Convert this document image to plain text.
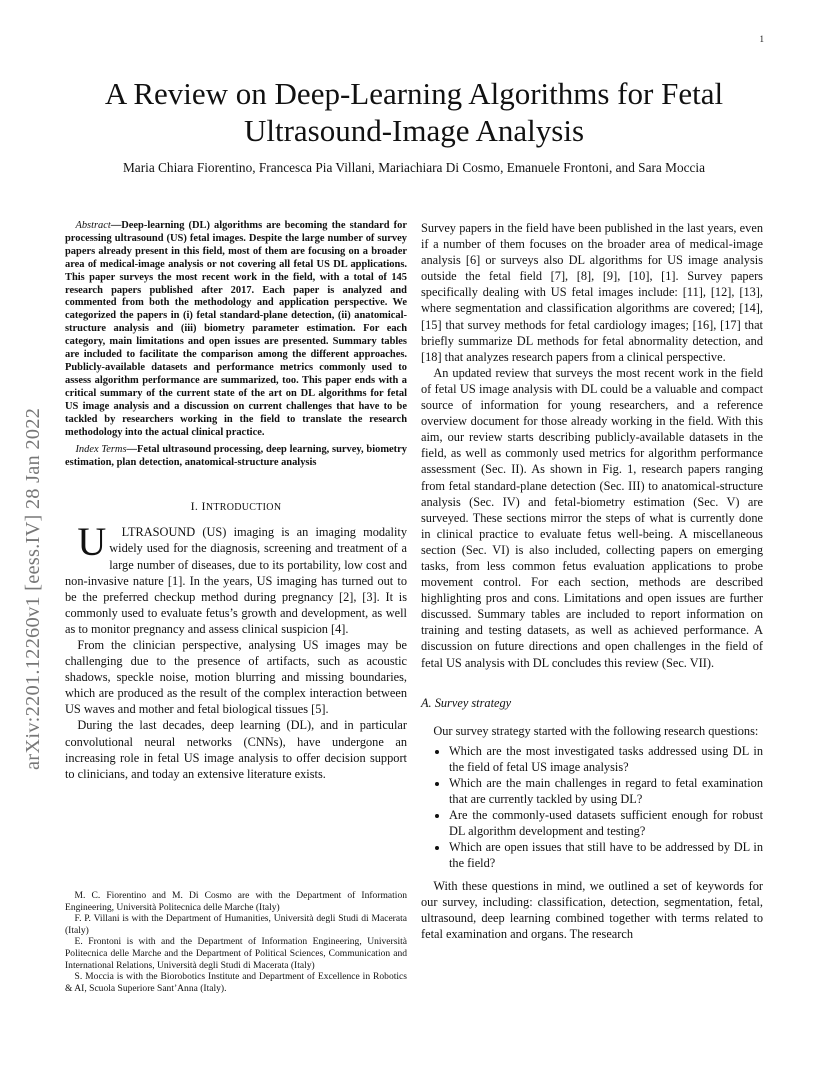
1
arXiv:2201.12260v1 [eess.IV] 28 Jan 2022
A Review on Deep-Learning Algorithms for Fetal
Ultrasound-Image Analysis
Maria Chiara Fiorentino, Francesca Pia Villani, Mariachiara Di Cosmo, Emanuele Frontoni, and Sara Moccia

Abstract—Deep-learning (DL) algorithms are becoming the standard for processing ultrasound (US) fetal images. Despite the large number of survey papers already present in this field, most of them are focusing on a broader area of medical-image analysis or not covering all fetal US DL applications. This paper surveys the most recent work in the field, with a total of 145 research papers published after 2017. Each paper is analyzed and commented from both the methodology and application perspective. We categorized the papers in (i) fetal standard-plane detection, (ii) anatomical-structure analysis and (iii) biometry parameter estimation. For each category, main limitations and open issues are presented. Summary tables are included to facilitate the comparison among the different approaches. Publicly-available datasets and performance metrics commonly used to assess algorithm performance are summarized, too. This paper ends with a critical summary of the current state of the art on DL algorithms for fetal US image analysis and a discussion on current challenges that have to be tackled by researchers working in the field to translate the research methodology into the actual clinical practice.

Index Terms—Fetal ultrasound processing, deep learning, survey, biometry estimation, plan detection, anatomical-structure analysis

I. INTRODUCTION

U LTRASOUND (US) imaging is an imaging modality widely used for the diagnosis, screening and treatment of a large number of diseases, due to its portability, low cost and non-invasive nature [1]. In the years, US imaging has turned out to be the preferred checkup method during pregnancy [2], [3]. It is commonly used to evaluate fetus’s growth and development, as well as to monitor pregnancy and assess clinical suspicion [4].

From the clinician perspective, analysing US images may be challenging due to the presence of artifacts, such as acoustic shadows, speckle noise, motion blurring and missing boundaries, which are produced as the result of the complex interaction between US waves and mother and fetal biological tissues [5].

During the last decades, deep learning (DL), and in particular convolutional neural networks (CNNs), have undergone an increasing role in fetal US image analysis to offer decision support to clinicians, and today an extensive literature exists.

M. C. Fiorentino and M. Di Cosmo are with the Department of Information Engineering, Università Politecnica delle Marche (Italy)

F. P. Villani is with the Department of Humanities, Università degli Studi di Macerata (Italy)

E. Frontoni is with and the Department of Information Engineering, Università Politecnica delle Marche and the Department of Political Sciences, Communication and International Relations, Università degli Studi di Macerata (Italy)

S. Moccia is with the Biorobotics Institute and Department of Excellence in Robotics & AI, Scuola Superiore Sant’Anna (Italy).

Survey papers in the field have been published in the last years, even if a number of them focuses on the broader area of medical-image analysis [6] or surveys also DL algorithms for US image analysis outside the fetal field [7], [8], [9], [10], [1]. Survey papers specifically dealing with US fetal images include: [11], [12], [13], where segmentation and classification algorithms are covered; [14], [15] that survey methods for fetal cardiology images; [16], [17] that briefly summarize DL methods for fetal abnormality detection, and [18] that analyzes research papers from a clinical perspective.

An updated review that surveys the most recent work in the field of fetal US image analysis with DL could be a valuable and compact source of information for young researchers, and a reference overview document for those already working in the field. With this aim, our review starts describing publicly-available datasets in the field, as well as commonly used metrics for algorithm performance assessment (Sec. II). As shown in Fig. 1, research papers ranging from fetal standard-plane detection (Sec. III) to anatomical-structure analysis (Sec. IV) and fetal-biometry estimation (Sec. V) are surveyed. These sections mirror the steps of what is currently done in clinical practice to evaluate fetus well-being. A miscellaneous section (Sec. VI) is also included, collecting papers on emerging tasks, from less common fetus evaluation applications to probe movement control. For each section, methods are described highlighting pros and cons. Limitations and open issues are further discussed. Summary tables are included to report information on training and testing datasets, as well as achieved performance. A discussion on future directions and open challenges in the field of fetal US analysis with DL concludes this review (Sec. VII).

A. Survey strategy

Our survey strategy started with the following research questions:

• Which are the most investigated tasks addressed using DL in the field of fetal US image analysis?
• Which are the main challenges in regard to fetal examination that are currently tackled by using DL?
• Are the commonly-used datasets sufficient enough for robust DL algorithm development and testing?
• Which are open issues that still have to be addressed by DL in the field?

With these questions in mind, we outlined a set of keywords for our survey, including: classification, detection, segmentation, fetal, ultrasound, deep learning combined together with terms related to fetal examination and organs. The research
